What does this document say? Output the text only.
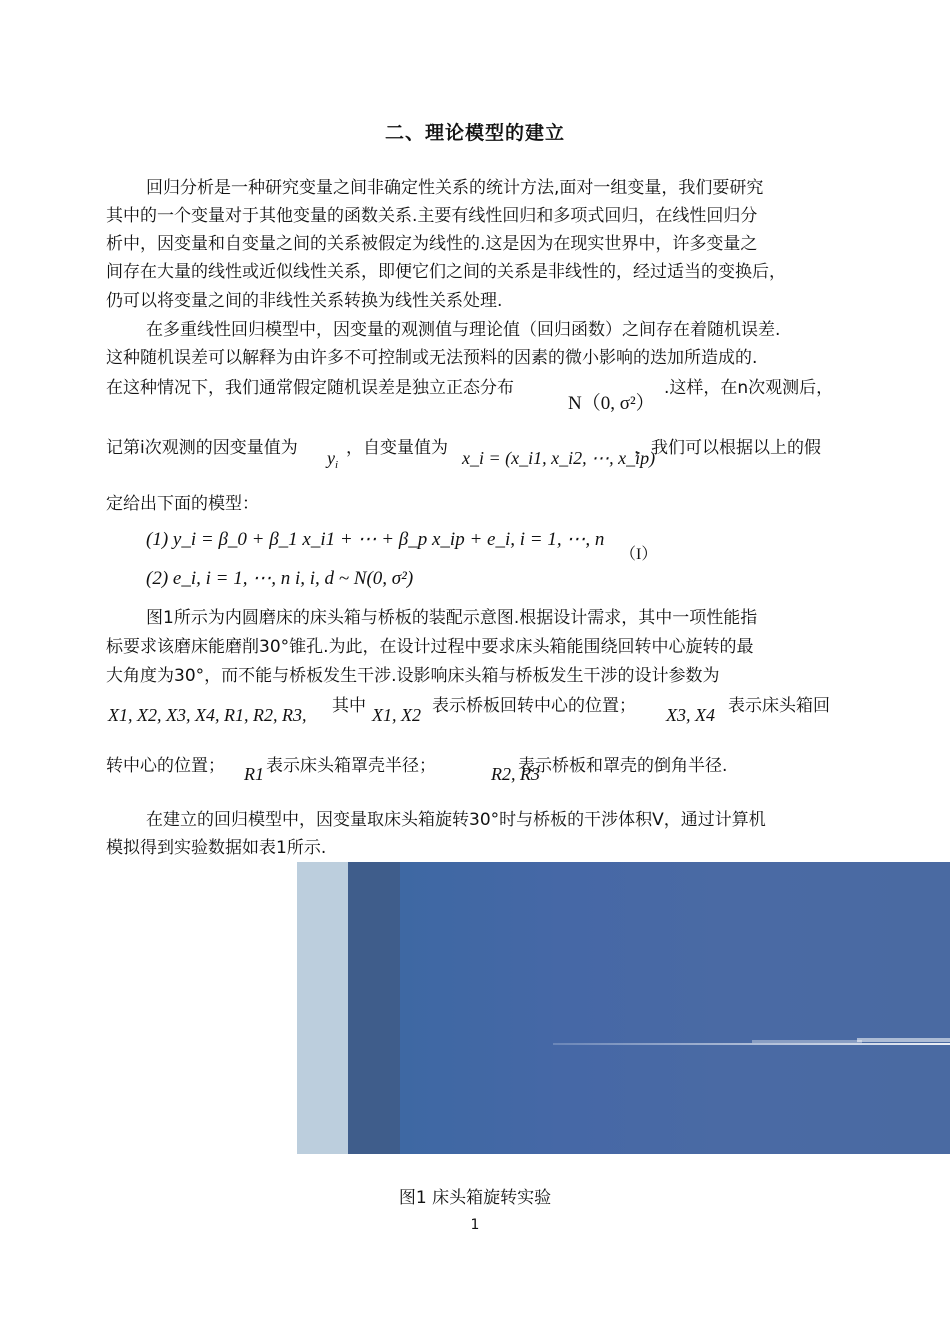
二、理论模型的建立
回归分析是一种研究变量之间非确定性关系的统计方法,面对一组变量，我们要研究
其中的一个变量对于其他变量的函数关系.主要有线性回归和多项式回归，在线性回归分
析中，因变量和自变量之间的关系被假定为线性的.这是因为在现实世界中，许多变量之
间存在大量的线性或近似线性关系，即便它们之间的关系是非线性的，经过适当的变换后，
仍可以将变量之间的非线性关系转换为线性关系处理.
在多重线性回归模型中，因变量的观测值与理论值（回归函数）之间存在着随机误差.
这种随机误差可以解释为由许多不可控制或无法预料的因素的微小影响的迭加所造成的.
在这种情况下，我们通常假定随机误差是独立正态分布
N（0, σ²）
.这样，在n次观测后，
记第i次观测的因变量值为 $y_i$
，自变量值为 x_i = (x_i1, x_i2, ⋯, x_ip)
，我们可以根据以上的假
定给出下面的模型：
(1) y_i = β_0 + β_1 x_i1 + ⋯ + β_p x_ip + e_i, i = 1, ⋯, n
(2) e_i, i = 1, ⋯, n i, i, d ~ N(0, σ²)
（I）
图1所示为内圆磨床的床头箱与桥板的装配示意图.根据设计需求，其中一项性能指
标要求该磨床能磨削30°锥孔.为此，在设计过程中要求床头箱能围绕回转中心旋转的最
大角度为30°，而不能与桥板发生干涉.设影响床头箱与桥板发生干涉的设计参数为
X1, X2, X3, X4, R1, R2, R3, 其中 X1, X2 表示桥板回转中心的位置； X3, X4 表示床头箱回
转中心的位置； R1 表示床头箱罩壳半径；	R2, R3
表示桥板和罩壳的倒角半径.
在建立的回归模型中，因变量取床头箱旋转30°时与桥板的干涉体积V，通过计算机
模拟得到实验数据如表1所示.
图1 床头箱旋转实验
1
